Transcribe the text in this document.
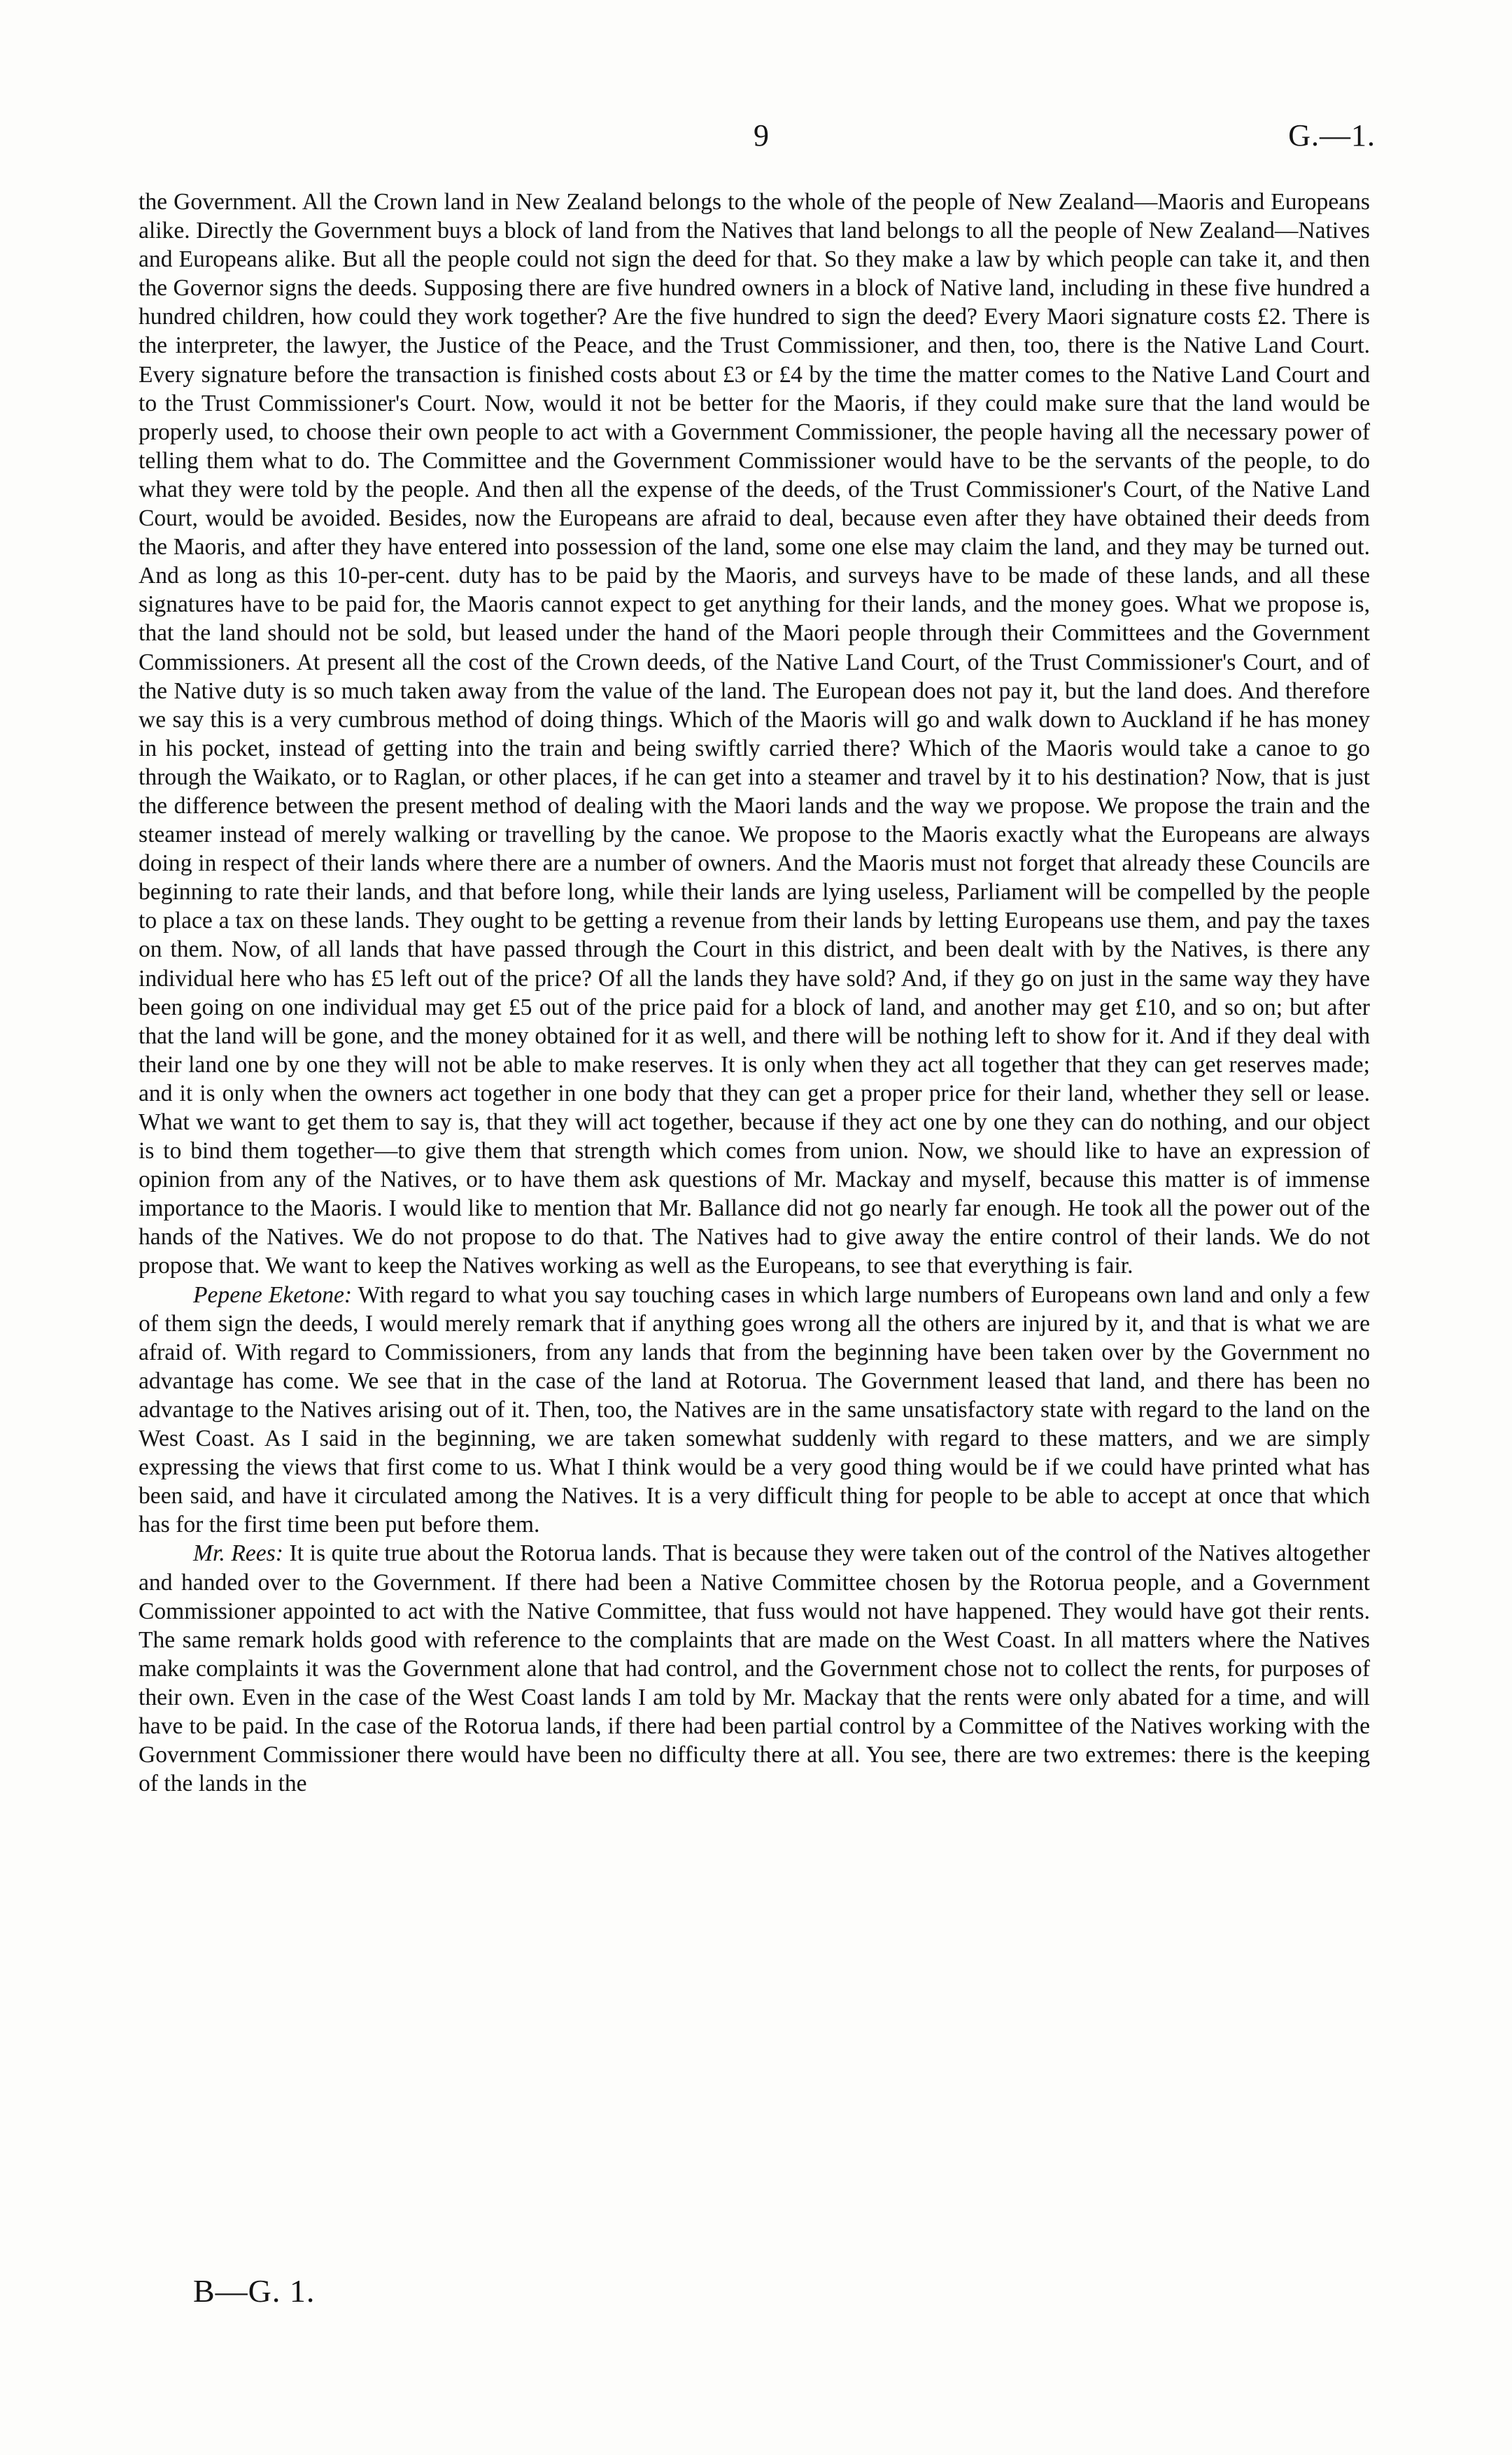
9	G.—1.

the Government. All the Crown land in New Zealand belongs to the whole of the people of New Zealand—Maoris and Europeans alike. Directly the Government buys a block of land from the Natives that land belongs to all the people of New Zealand—Natives and Europeans alike. But all the people could not sign the deed for that. So they make a law by which people can take it, and then the Governor signs the deeds. Supposing there are five hundred owners in a block of Native land, including in these five hundred a hundred children, how could they work together? Are the five hundred to sign the deed? Every Maori signature costs £2. There is the interpreter, the lawyer, the Justice of the Peace, and the Trust Commissioner, and then, too, there is the Native Land Court. Every signature before the transaction is finished costs about £3 or £4 by the time the matter comes to the Native Land Court and to the Trust Commissioner's Court. Now, would it not be better for the Maoris, if they could make sure that the land would be properly used, to choose their own people to act with a Government Commissioner, the people having all the necessary power of telling them what to do. The Committee and the Government Commissioner would have to be the servants of the people, to do what they were told by the people. And then all the expense of the deeds, of the Trust Commissioner's Court, of the Native Land Court, would be avoided. Besides, now the Europeans are afraid to deal, because even after they have obtained their deeds from the Maoris, and after they have entered into possession of the land, some one else may claim the land, and they may be turned out. And as long as this 10-per-cent. duty has to be paid by the Maoris, and surveys have to be made of these lands, and all these signatures have to be paid for, the Maoris cannot expect to get anything for their lands, and the money goes. What we propose is, that the land should not be sold, but leased under the hand of the Maori people through their Committees and the Government Commissioners. At present all the cost of the Crown deeds, of the Native Land Court, of the Trust Commissioner's Court, and of the Native duty is so much taken away from the value of the land. The European does not pay it, but the land does. And therefore we say this is a very cumbrous method of doing things. Which of the Maoris will go and walk down to Auckland if he has money in his pocket, instead of getting into the train and being swiftly carried there? Which of the Maoris would take a canoe to go through the Waikato, or to Raglan, or other places, if he can get into a steamer and travel by it to his destination? Now, that is just the difference between the present method of dealing with the Maori lands and the way we propose. We propose the train and the steamer instead of merely walking or travelling by the canoe. We propose to the Maoris exactly what the Europeans are always doing in respect of their lands where there are a number of owners. And the Maoris must not forget that already these Councils are beginning to rate their lands, and that before long, while their lands are lying useless, Parliament will be compelled by the people to place a tax on these lands. They ought to be getting a revenue from their lands by letting Europeans use them, and pay the taxes on them. Now, of all lands that have passed through the Court in this district, and been dealt with by the Natives, is there any individual here who has £5 left out of the price? Of all the lands they have sold? And, if they go on just in the same way they have been going on one individual may get £5 out of the price paid for a block of land, and another may get £10, and so on; but after that the land will be gone, and the money obtained for it as well, and there will be nothing left to show for it. And if they deal with their land one by one they will not be able to make reserves. It is only when they act all together that they can get reserves made; and it is only when the owners act together in one body that they can get a proper price for their land, whether they sell or lease. What we want to get them to say is, that they will act together, because if they act one by one they can do nothing, and our object is to bind them together—to give them that strength which comes from union. Now, we should like to have an expression of opinion from any of the Natives, or to have them ask questions of Mr. Mackay and myself, because this matter is of immense importance to the Maoris. I would like to mention that Mr. Ballance did not go nearly far enough. He took all the power out of the hands of the Natives. We do not propose to do that. The Natives had to give away the entire control of their lands. We do not propose that. We want to keep the Natives working as well as the Europeans, to see that everything is fair.

Pepene Eketone: With regard to what you say touching cases in which large numbers of Europeans own land and only a few of them sign the deeds, I would merely remark that if anything goes wrong all the others are injured by it, and that is what we are afraid of. With regard to Commissioners, from any lands that from the beginning have been taken over by the Government no advantage has come. We see that in the case of the land at Rotorua. The Government leased that land, and there has been no advantage to the Natives arising out of it. Then, too, the Natives are in the same unsatisfactory state with regard to the land on the West Coast. As I said in the beginning, we are taken somewhat suddenly with regard to these matters, and we are simply expressing the views that first come to us. What I think would be a very good thing would be if we could have printed what has been said, and have it circulated among the Natives. It is a very difficult thing for people to be able to accept at once that which has for the first time been put before them.

Mr. Rees: It is quite true about the Rotorua lands. That is because they were taken out of the control of the Natives altogether and handed over to the Government. If there had been a Native Committee chosen by the Rotorua people, and a Government Commissioner appointed to act with the Native Committee, that fuss would not have happened. They would have got their rents. The same remark holds good with reference to the complaints that are made on the West Coast. In all matters where the Natives make complaints it was the Government alone that had control, and the Government chose not to collect the rents, for purposes of their own. Even in the case of the West Coast lands I am told by Mr. Mackay that the rents were only abated for a time, and will have to be paid. In the case of the Rotorua lands, if there had been partial control by a Committee of the Natives working with the Government Commissioner there would have been no difficulty there at all. You see, there are two extremes: there is the keeping of the lands in the

B—G. 1.
